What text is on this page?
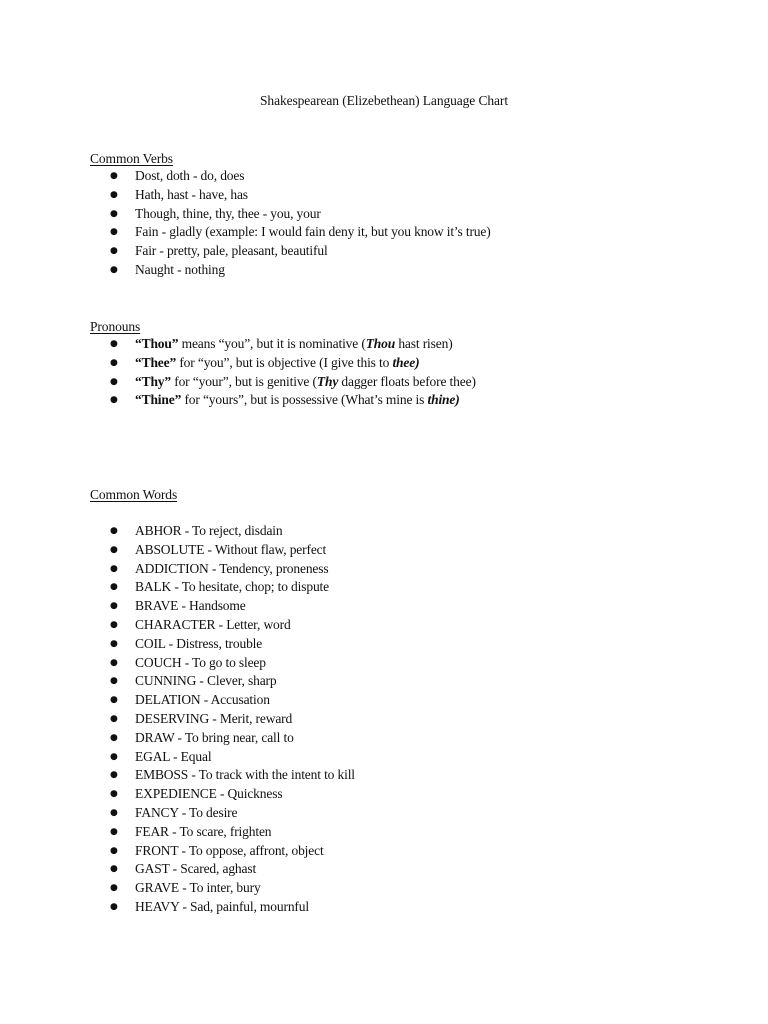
Shakespearean (Elizebethean) Language Chart
Common Verbs
● Dost, doth - do, does
● Hath, hast - have, has
● Though, thine, thy, thee - you, your
● Fain - gladly (example: I would fain deny it, but you know it’s true)
● Fair - pretty, pale, pleasant, beautiful
● Naught - nothing
Pronouns
● “Thou” means “you”, but it is nominative (Thou hast risen)
● “Thee” for “you”, but is objective (I give this to thee)
● “Thy” for “your”, but is genitive (Thy dagger floats before thee)
● “Thine” for “yours”, but is possessive (What’s mine is thine)
Common Words
● ABHOR - To reject, disdain
● ABSOLUTE - Without flaw, perfect
● ADDICTION - Tendency, proneness
● BALK - To hesitate, chop; to dispute
● BRAVE - Handsome
● CHARACTER - Letter, word
● COIL - Distress, trouble
● COUCH - To go to sleep
● CUNNING - Clever, sharp
● DELATION - Accusation
● DESERVING - Merit, reward
● DRAW - To bring near, call to
● EGAL - Equal
● EMBOSS - To track with the intent to kill
● EXPEDIENCE - Quickness
● FANCY - To desire
● FEAR - To scare, frighten
● FRONT - To oppose, affront, object
● GAST - Scared, aghast
● GRAVE - To inter, bury
● HEAVY - Sad, painful, mournful
